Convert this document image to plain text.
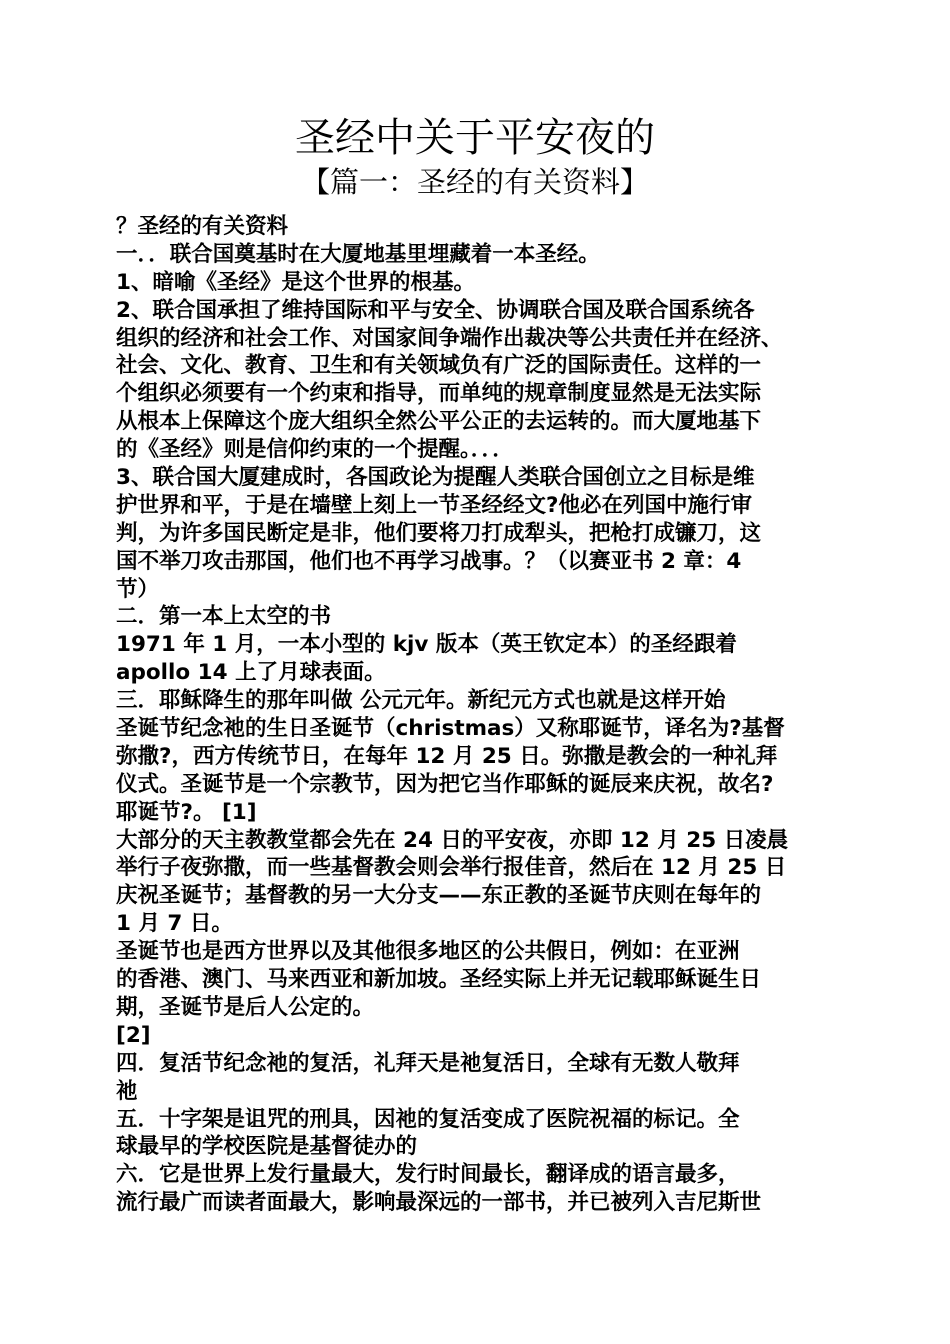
圣经中关于平安夜的
【篇一：圣经的有关资料】
？圣经的有关资料
一．．联合国奠基时在大厦地基里埋藏着一本圣经。
1、暗喻《圣经》是这个世界的根基。
2、联合国承担了维持国际和平与安全、协调联合国及联合国系统各
组织的经济和社会工作、对国家间争端作出裁决等公共责任并在经济、
社会、文化、教育、卫生和有关领域负有广泛的国际责任。这样的一
个组织必须要有一个约束和指导，而单纯的规章制度显然是无法实际
从根本上保障这个庞大组织全然公平公正的去运转的。而大厦地基下
的《圣经》则是信仰约束的一个提醒。．．．
3、联合国大厦建成时，各国政论为提醒人类联合国创立之目标是维
护世界和平，于是在墙壁上刻上一节圣经经文?他必在列国中施行审
判，为许多国民断定是非，他们要将刀打成犁头，把枪打成镰刀，这
国不举刀攻击那国，他们也不再学习战事。？（以赛亚书 2 章：4
节）
二．第一本上太空的书
1971 年 1 月，一本小型的 kjv 版本（英王钦定本）的圣经跟着
apollo 14 上了月球表面。
三．耶稣降生的那年叫做 公元元年。新纪元方式也就是这样开始
圣诞节纪念祂的生日圣诞节（christmas）又称耶诞节，译名为?基督
弥撒?，西方传统节日，在每年 12 月 25 日。弥撒是教会的一种礼拜
仪式。圣诞节是一个宗教节，因为把它当作耶稣的诞辰来庆祝，故名?
耶诞节?。 [1]
大部分的天主教教堂都会先在 24 日的平安夜，亦即 12 月 25 日凌晨
举行子夜弥撒，而一些基督教会则会举行报佳音，然后在 12 月 25 日
庆祝圣诞节；基督教的另一大分支——东正教的圣诞节庆则在每年的
1 月 7 日。
圣诞节也是西方世界以及其他很多地区的公共假日，例如：在亚洲
的香港、澳门、马来西亚和新加坡。圣经实际上并无记载耶稣诞生日
期，圣诞节是后人公定的。
[2]
四．复活节纪念祂的复活，礼拜天是祂复活日，全球有无数人敬拜
祂
五．十字架是诅咒的刑具，因祂的复活变成了医院祝福的标记。全
球最早的学校医院是基督徒办的
六．它是世界上发行量最大，发行时间最长，翻译成的语言最多，
流行最广而读者面最大，影响最深远的一部书，并已被列入吉尼斯世
